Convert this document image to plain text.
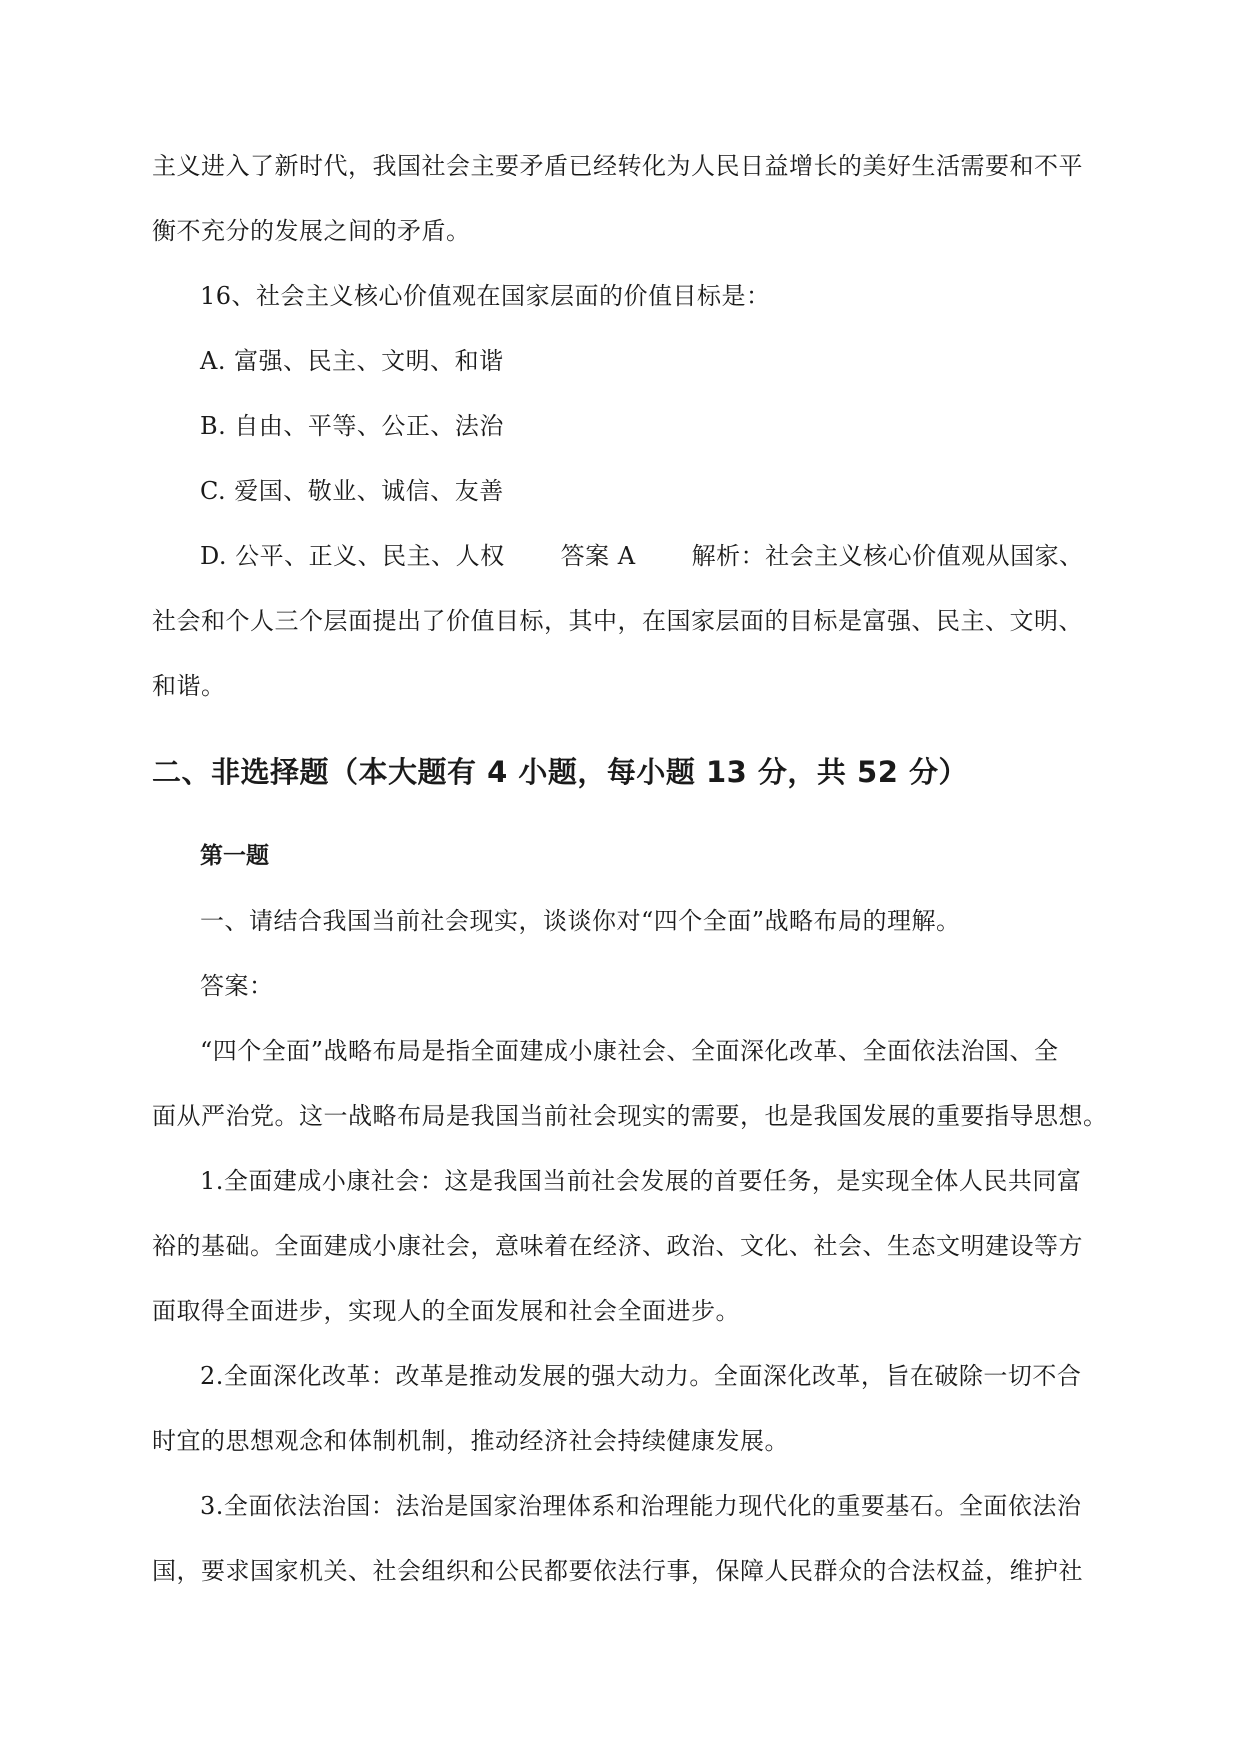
主义进入了新时代，我国社会主要矛盾已经转化为人民日益增长的美好生活需要和不平
衡不充分的发展之间的矛盾。
16、社会主义核心价值观在国家层面的价值目标是：
A. 富强、民主、文明、和谐
B. 自由、平等、公正、法治
C. 爱国、敬业、诚信、友善
D. 公平、正义、民主、人权 答案 A 解析：社会主义核心价值观从国家、
社会和个人三个层面提出了价值目标，其中，在国家层面的目标是富强、民主、文明、
和谐。
二、非选择题（本大题有 4 小题，每小题 13 分，共 52 分）
第一题
一、请结合我国当前社会现实，谈谈你对“四个全面”战略布局的理解。
答案：
“四个全面”战略布局是指全面建成小康社会、全面深化改革、全面依法治国、全
面从严治党。这一战略布局是我国当前社会现实的需要，也是我国发展的重要指导思想。
1.全面建成小康社会：这是我国当前社会发展的首要任务，是实现全体人民共同富
裕的基础。全面建成小康社会，意味着在经济、政治、文化、社会、生态文明建设等方
面取得全面进步，实现人的全面发展和社会全面进步。
2.全面深化改革：改革是推动发展的强大动力。全面深化改革，旨在破除一切不合
时宜的思想观念和体制机制，推动经济社会持续健康发展。
3.全面依法治国：法治是国家治理体系和治理能力现代化的重要基石。全面依法治
国，要求国家机关、社会组织和公民都要依法行事，保障人民群众的合法权益，维护社
